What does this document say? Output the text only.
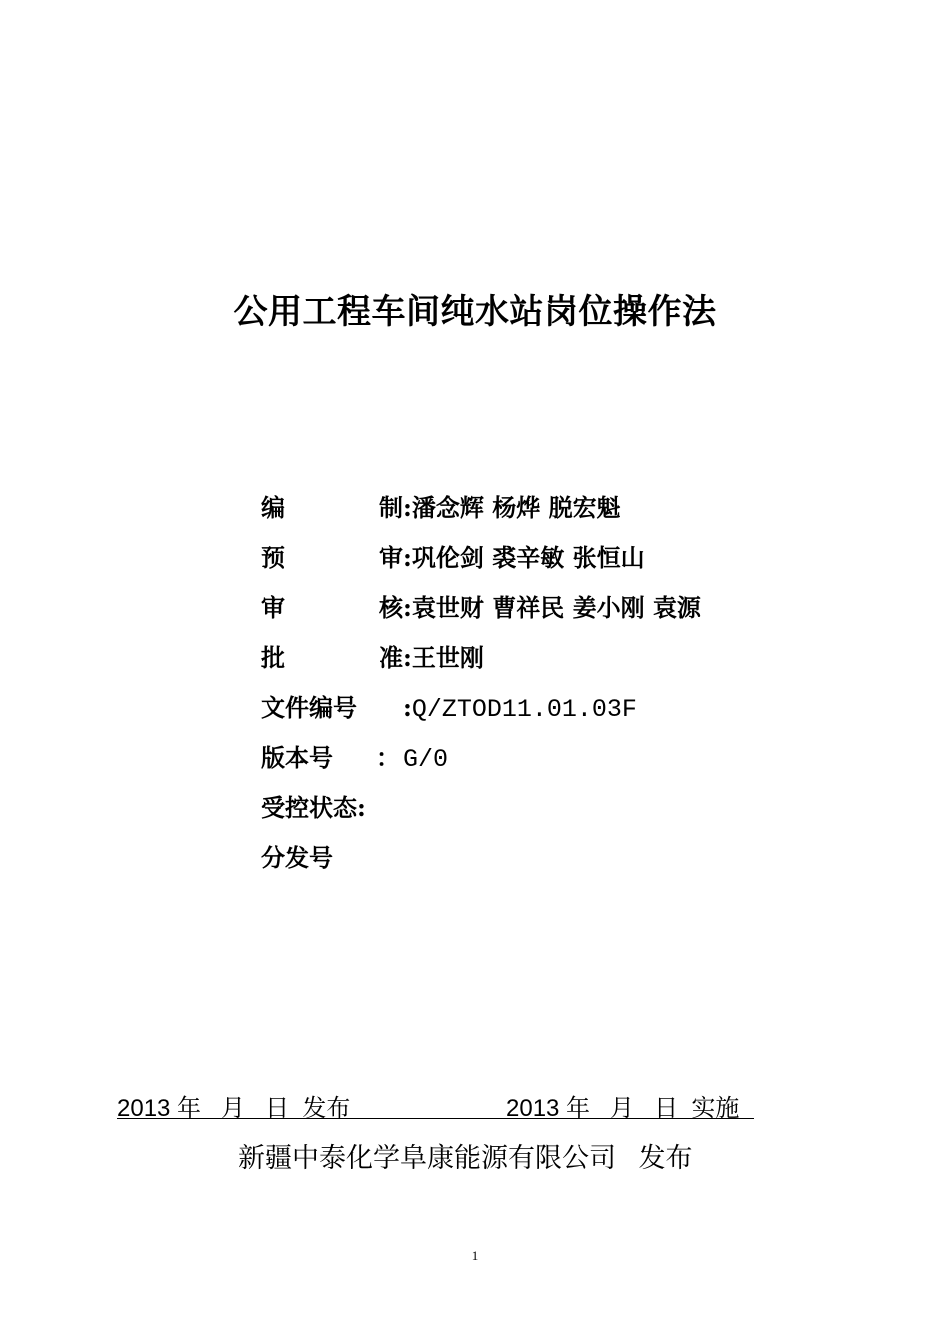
公用工程车间纯水站岗位操作法
编	制 : 潘念辉 杨烨 脱宏魁
预	审 : 巩伦剑 裘辛敏 张恒山
审	核 : 袁世财 曹祥民 姜小刚 袁源
批	准 : 王世刚
文件编号	: Q/ZTOD11.01.03F
版本号	： G/0
受控状态 :
分发号

2013 年   月   日  发布

	2013 年   月   日  实施

新疆中泰化学阜康能源有限公司   发布
1
